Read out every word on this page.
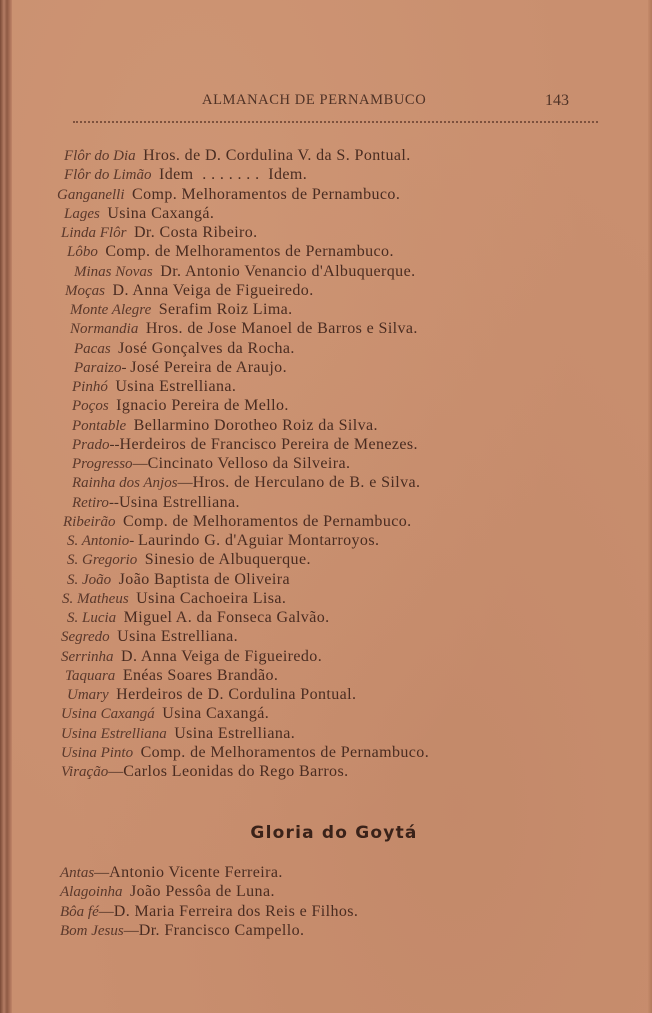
ALMANACH DE PERNAMBUCO	143
Flôr do Dia Hros. de D. Cordulina V. da S. Pontual.
Flôr do Limão Idem  . . . . . . .  Idem.
Ganganelli Comp. Melhoramentos de Pernambuco.
Lages Usina Caxangá.
Linda Flôr Dr. Costa Ribeiro.
Lôbo Comp. de Melhoramentos de Pernambuco.
Minas Novas Dr. Antonio Venancio d'Albuquerque.
Moças D. Anna Veiga de Figueiredo.
Monte Alegre Serafim Roiz Lima.
Normandia Hros. de Jose Manoel de Barros e Silva.
Pacas José Gonçalves da Rocha.
Paraizo- José Pereira de Araujo.
Pinhó Usina Estrelliana.
Poços Ignacio Pereira de Mello.
Pontable Bellarmino Dorotheo Roiz da Silva.
Prado--Herdeiros de Francisco Pereira de Menezes.
Progresso—Cincinato Velloso da Silveira.
Rainha dos Anjos—Hros. de Herculano de B. e Silva.
Retiro--Usina Estrelliana.
Ribeirão Comp. de Melhoramentos de Pernambuco.
S. Antonio- Laurindo G. d'Aguiar Montarroyos.
S. Gregorio Sinesio de Albuquerque.
S. João João Baptista de Oliveira
S. Matheus Usina Cachoeira Lisa.
S. Lucia Miguel A. da Fonseca Galvão.
Segredo Usina Estrelliana.
Serrinha D. Anna Veiga de Figueiredo.
Taquara Enéas Soares Brandão.
Umary Herdeiros de D. Cordulina Pontual.
Usina Caxangá Usina Caxangá.
Usina Estrelliana Usina Estrelliana.
Usina Pinto Comp. de Melhoramentos de Pernambuco.
Viração—Carlos Leonidas do Rego Barros.
Gloria do Goytá
Antas—Antonio Vicente Ferreira.
Alagoinha João Pessôa de Luna.
Bôa fé—D. Maria Ferreira dos Reis e Filhos.
Bom Jesus—Dr. Francisco Campello.
